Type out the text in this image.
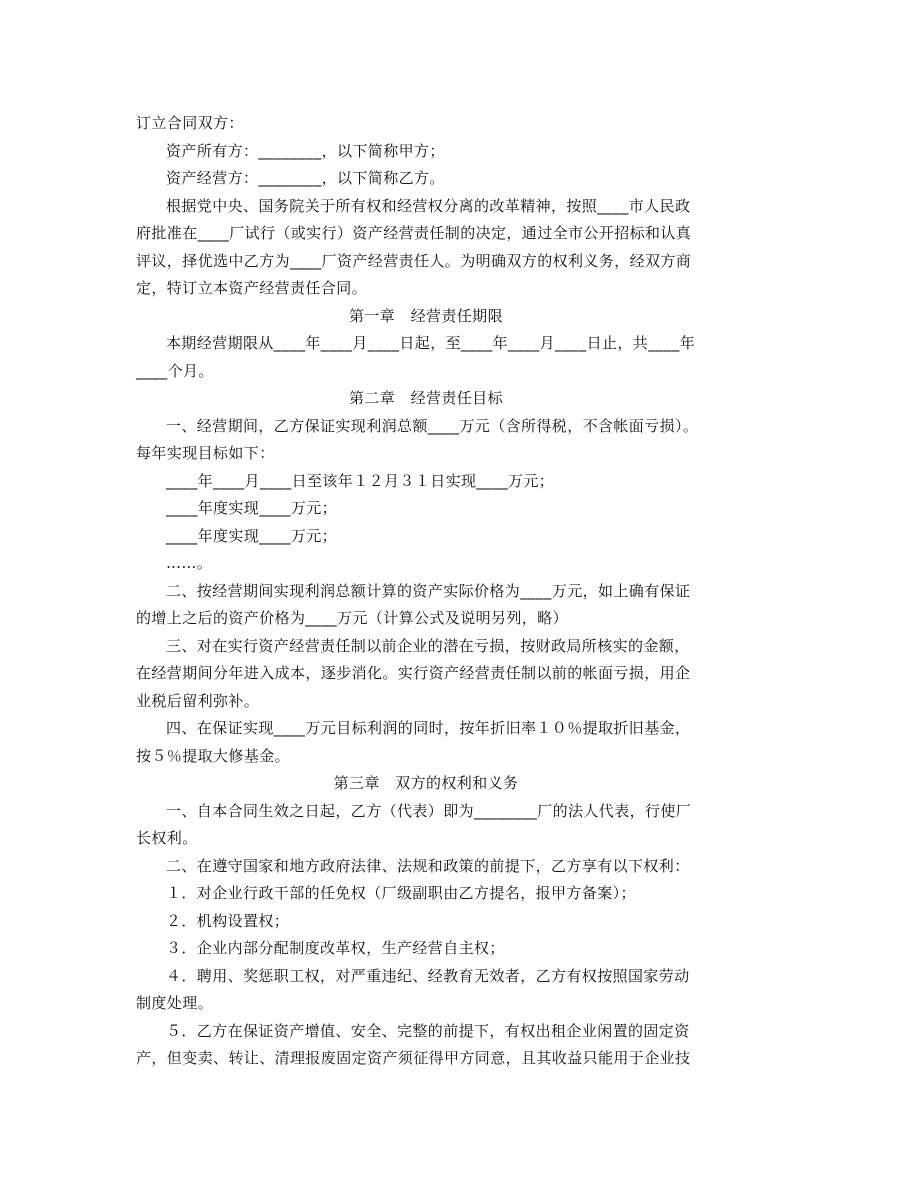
订立合同双方：
资产所有方：________，以下简称甲方；
资产经营方：________，以下简称乙方。
根据党中央、国务院关于所有权和经营权分离的改革精神，按照____市人民政
府批准在____厂试行（或实行）资产经营责任制的决定，通过全市公开招标和认真
评议，择优选中乙方为____厂资产经营责任人。为明确双方的权利义务，经双方商
定，特订立本资产经营责任合同。
第一章　经营责任期限
本期经营期限从____年____月____日起，至____年____月____日止，共____年
____个月。
第二章　经营责任目标
一、经营期间，乙方保证实现利润总额____万元（含所得税，不含帐面亏损）。
每年实现目标如下：
____年____月____日至该年１２月３１日实现____万元；
____年度实现____万元；
____年度实现____万元；
……。
二、按经营期间实现利润总额计算的资产实际价格为____万元，如上确有保证
的增上之后的资产价格为____万元（计算公式及说明另列，略）
三、对在实行资产经营责任制以前企业的潜在亏损，按财政局所核实的金额，
在经营期间分年进入成本，逐步消化。实行资产经营责任制以前的帐面亏损，用企
业税后留利弥补。
四、在保证实现____万元目标利润的同时，按年折旧率１０％提取折旧基金，
按５％提取大修基金。
第三章　双方的权利和义务
一、自本合同生效之日起，乙方（代表）即为________厂的法人代表，行使厂
长权利。
二、在遵守国家和地方政府法律、法规和政策的前提下，乙方享有以下权利：
１．对企业行政干部的任免权（厂级副职由乙方提名，报甲方备案）；
２．机构设置权；
３．企业内部分配制度改革权，生产经营自主权；
４．聘用、奖惩职工权，对严重违纪、经教育无效者，乙方有权按照国家劳动
制度处理。
５．乙方在保证资产增值、安全、完整的前提下，有权出租企业闲置的固定资
产，但变卖、转让、清理报废固定资产须征得甲方同意，且其收益只能用于企业技
